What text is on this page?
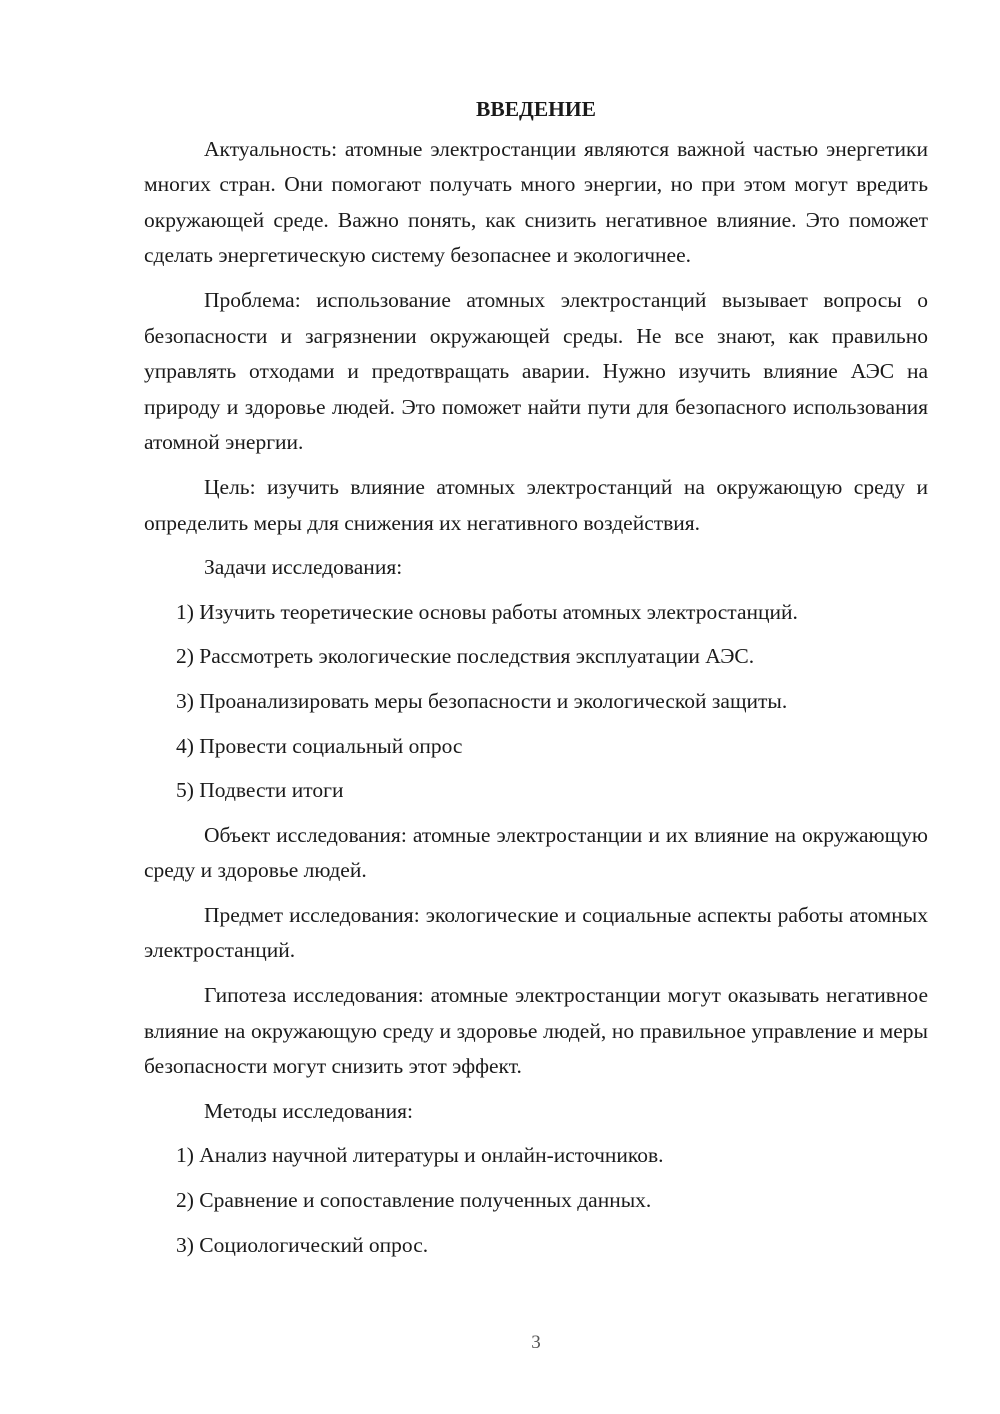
ВВЕДЕНИЕ

Актуальность: атомные электростанции являются важной частью энергетики многих стран. Они помогают получать много энергии, но при этом могут вредить окружающей среде. Важно понять, как снизить негативное влияние. Это поможет сделать энергетическую систему безопаснее и экологичнее.

Проблема: использование атомных электростанций вызывает вопросы о безопасности и загрязнении окружающей среды. Не все знают, как правильно управлять отходами и предотвращать аварии. Нужно изучить влияние АЭС на природу и здоровье людей. Это поможет найти пути для безопасного использования атомной энергии.

Цель: изучить влияние атомных электростанций на окружающую среду и определить меры для снижения их негативного воздействия.

Задачи исследования:

1) Изучить теоретические основы работы атомных электростанций.

2) Рассмотреть экологические последствия эксплуатации АЭС.

3) Проанализировать меры безопасности и экологической защиты.

4) Провести социальный опрос

5) Подвести итоги

Объект исследования: атомные электростанции и их влияние на окружающую среду и здоровье людей.

Предмет исследования: экологические и социальные аспекты работы атомных электростанций.

Гипотеза исследования: атомные электростанции могут оказывать негативное влияние на окружающую среду и здоровье людей, но правильное управление и меры безопасности могут снизить этот эффект.

Методы исследования:

1) Анализ научной литературы и онлайн-источников.

2) Сравнение и сопоставление полученных данных.

3) Социологический опрос.

3
